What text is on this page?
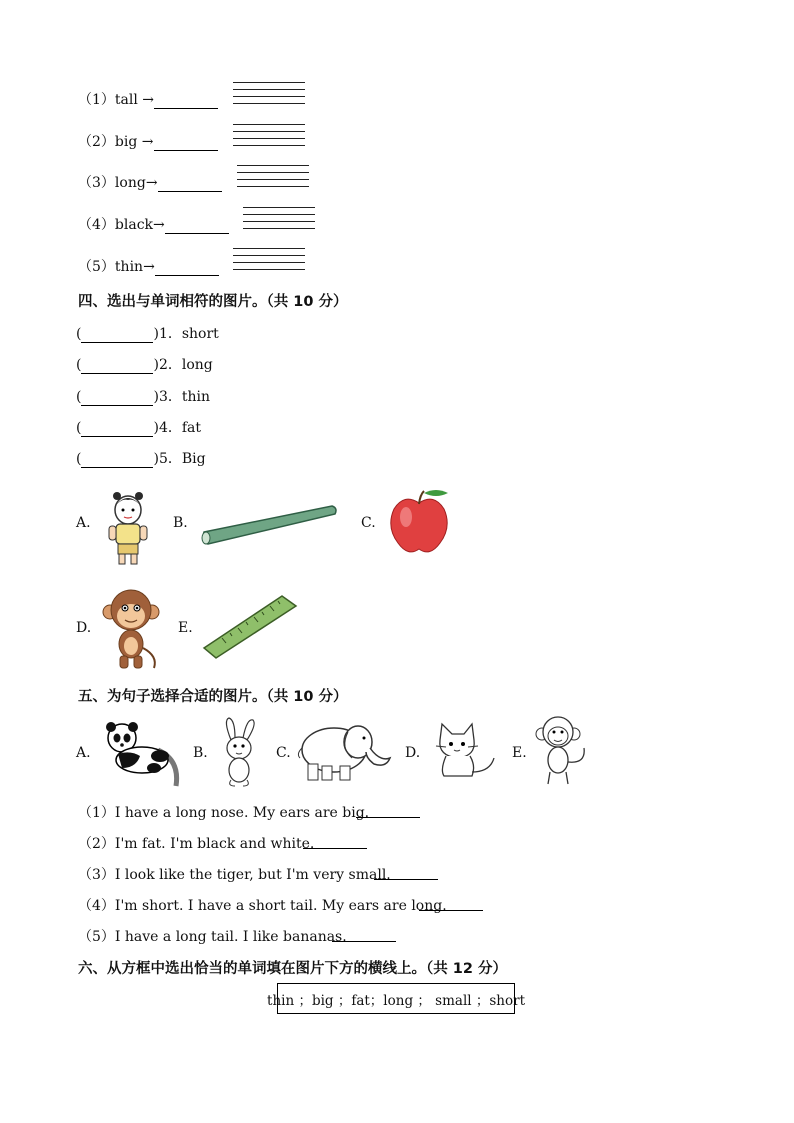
（1）tall →
（2）big →
（3）long→
（4）black→
（5）thin→
四、选出与单词相符的图片。（共 10 分）
(	)1．short
(	)2．long
(	)3．thin
(	)4．fat
(	)5．Big
A.	B.	C.
D.	E.
五、为句子选择合适的图片。（共 10 分）
A.	B.	C.	D.	E.
（1）I have a long nose. My ears are big.
（2）I'm fat. I'm black and white.
（3）I look like the tiger, but I'm very small.
（4）I'm short. I have a short tail. My ears are long.
（5）I have a long tail. I like bananas.
六、从方框中选出恰当的单词填在图片下方的横线上。（共 12 分）
thin ；big ；fat；long ； small ；short
